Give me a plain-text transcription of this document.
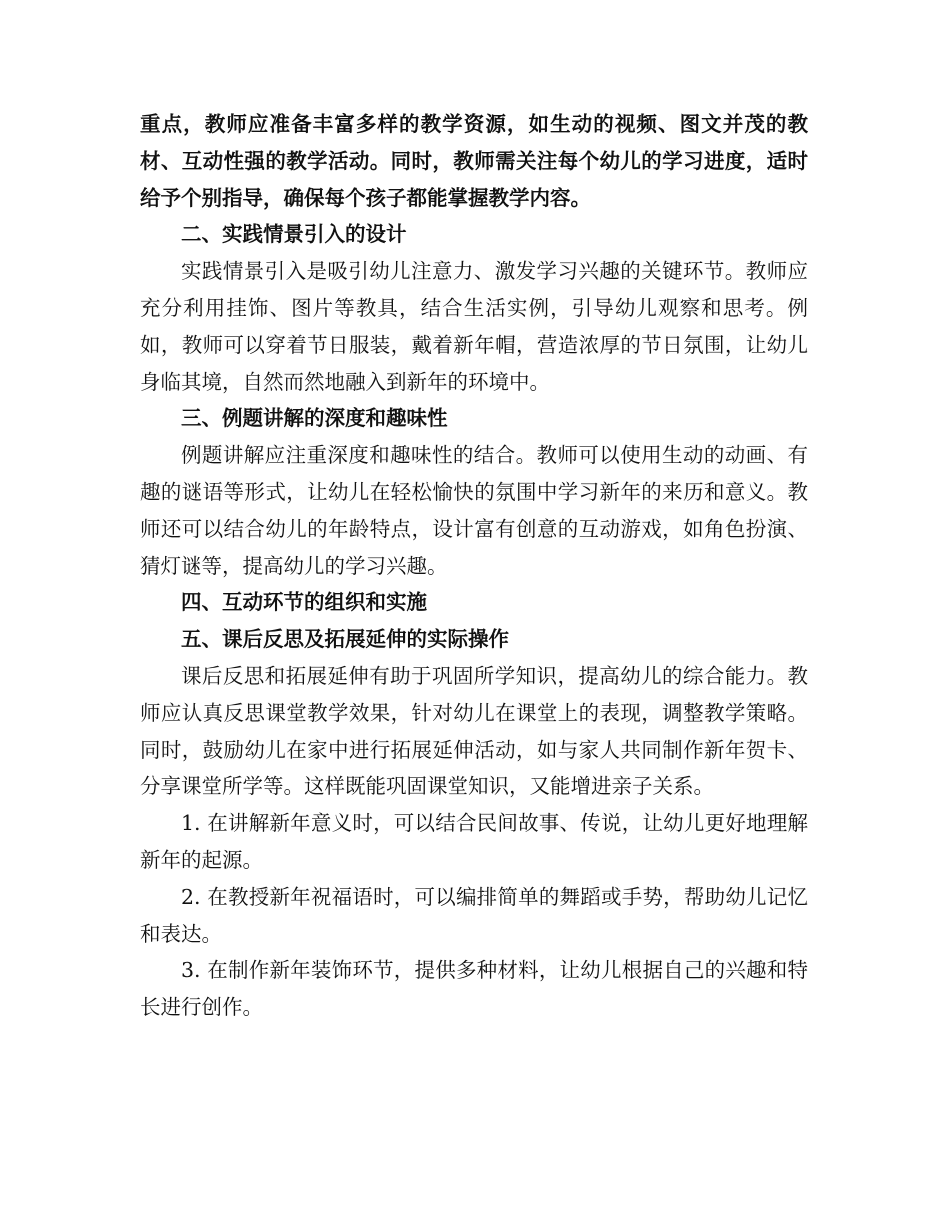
重点，教师应准备丰富多样的教学资源，如生动的视频、图文并茂的教材、互动性强的教学活动。同时，教师需关注每个幼儿的学习进度，适时给予个别指导，确保每个孩子都能掌握教学内容。

二、实践情景引入的设计

实践情景引入是吸引幼儿注意力、激发学习兴趣的关键环节。教师应充分利用挂饰、图片等教具，结合生活实例，引导幼儿观察和思考。例如，教师可以穿着节日服装，戴着新年帽，营造浓厚的节日氛围，让幼儿身临其境，自然而然地融入到新年的环境中。

三、例题讲解的深度和趣味性

例题讲解应注重深度和趣味性的结合。教师可以使用生动的动画、有趣的谜语等形式，让幼儿在轻松愉快的氛围中学习新年的来历和意义。教师还可以结合幼儿的年龄特点，设计富有创意的互动游戏，如角色扮演、猜灯谜等，提高幼儿的学习兴趣。

四、互动环节的组织和实施

五、课后反思及拓展延伸的实际操作

课后反思和拓展延伸有助于巩固所学知识，提高幼儿的综合能力。教师应认真反思课堂教学效果，针对幼儿在课堂上的表现，调整教学策略。同时，鼓励幼儿在家中进行拓展延伸活动，如与家人共同制作新年贺卡、分享课堂所学等。这样既能巩固课堂知识，又能增进亲子关系。

1. 在讲解新年意义时，可以结合民间故事、传说，让幼儿更好地理解新年的起源。

2. 在教授新年祝福语时，可以编排简单的舞蹈或手势，帮助幼儿记忆和表达。

3. 在制作新年装饰环节，提供多种材料，让幼儿根据自己的兴趣和特长进行创作。
